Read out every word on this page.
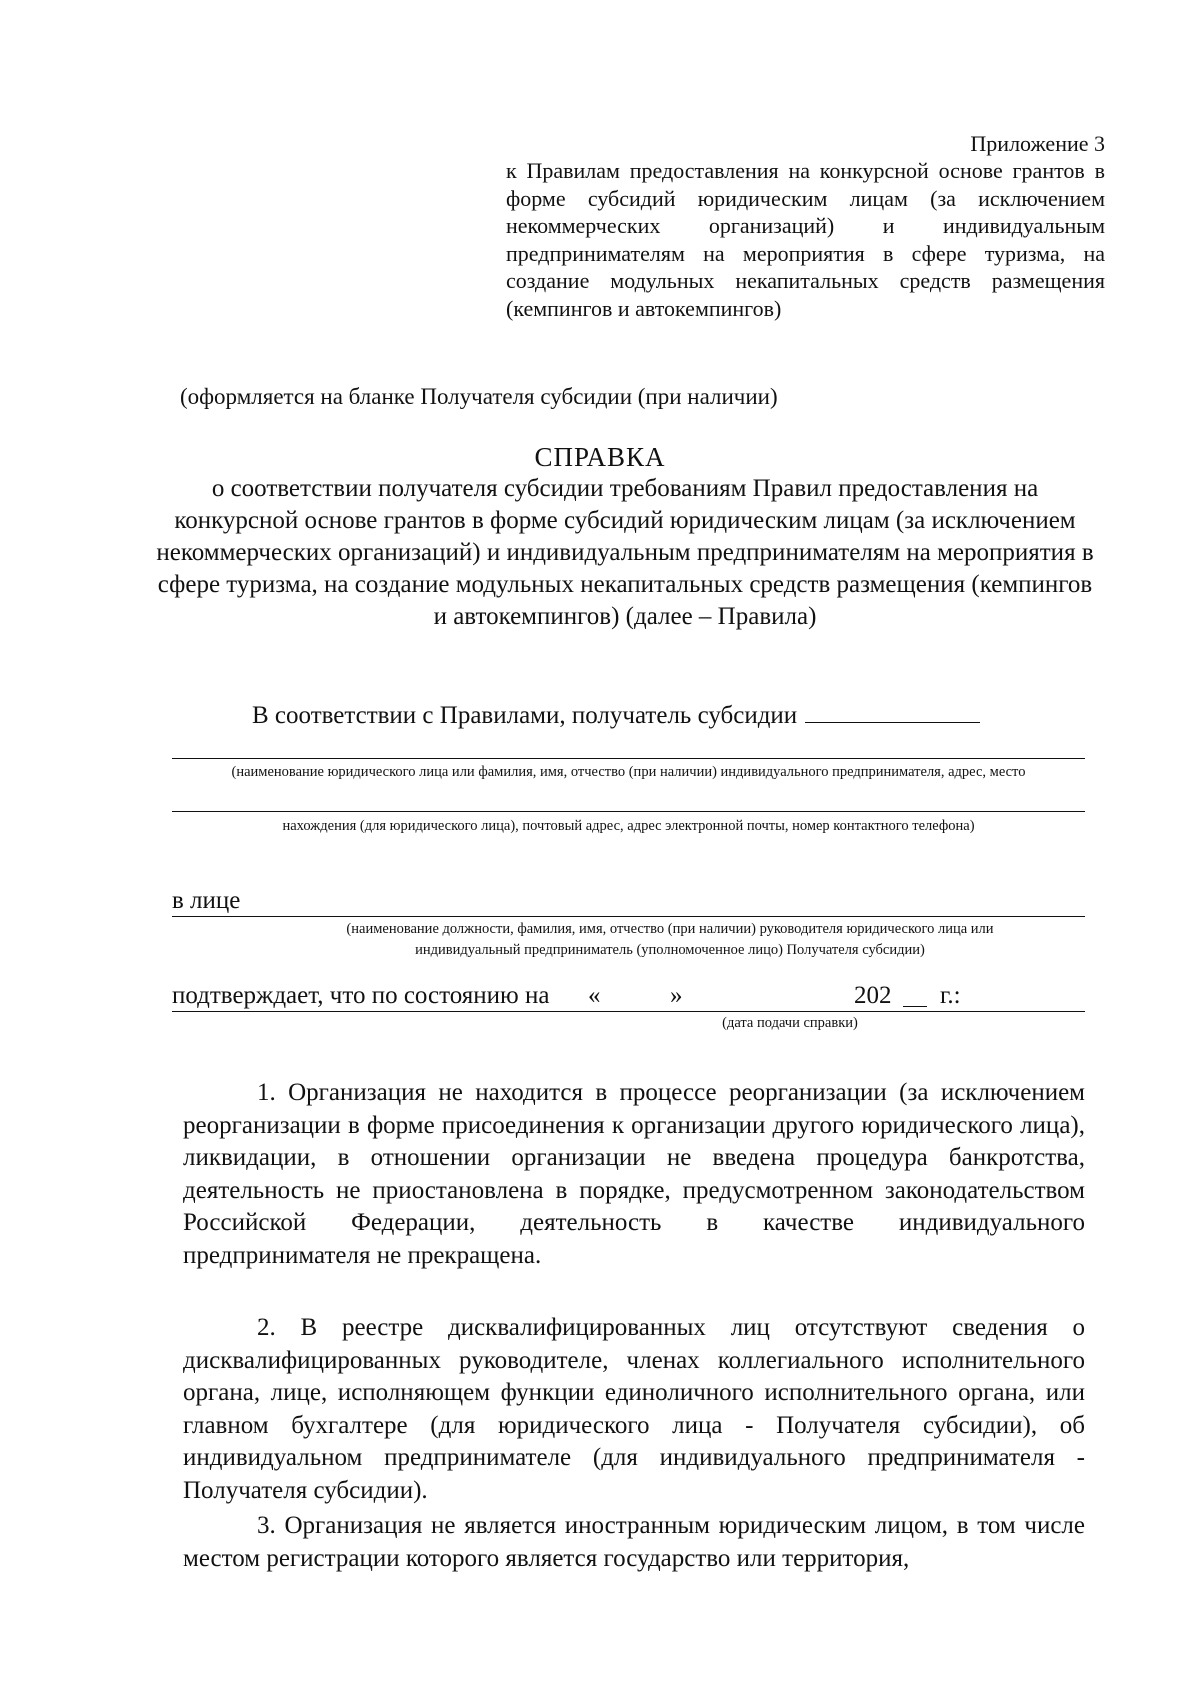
Приложение 3
к Правилам предоставления на конкурсной основе грантов в форме субсидий юридическим лицам (за исключением некоммерческих организаций) и индивидуальным предпринимателям на мероприятия в сфере туризма, на создание модульных некапитальных средств размещения (кемпингов и автокемпингов)
(оформляется на бланке Получателя субсидии (при наличии)
СПРАВКА
о соответствии получателя субсидии требованиям Правил предоставления на конкурсной основе грантов в форме субсидий юридическим лицам (за исключением некоммерческих организаций) и индивидуальным предпринимателям на мероприятия в сфере туризма, на создание модульных некапитальных средств размещения (кемпингов и автокемпингов) (далее – Правила)
В соответствии с Правилами, получатель субсидии
(наименование юридического лица или фамилия, имя, отчество (при наличии) индивидуального предпринимателя, адрес, место
нахождения (для юридического лица), почтовый адрес, адрес электронной почты, номер контактного телефона)
в лице
(наименование должности, фамилия, имя, отчество (при наличии) руководителя юридического лица или
индивидуальный предприниматель (уполномоченное лицо) Получателя субсидии)
подтверждает, что по состоянию на «	»	202 г.:
(дата подачи справки)
1. Организация не находится в процессе реорганизации (за исключением реорганизации в форме присоединения к организации другого юридического лица), ликвидации, в отношении организации не введена процедура банкротства, деятельность не приостановлена в порядке, предусмотренном законодательством Российской Федерации, деятельность в качестве индивидуального предпринимателя не прекращена.
2. В реестре дисквалифицированных лиц отсутствуют сведения о дисквалифицированных руководителе, членах коллегиального исполнительного органа, лице, исполняющем функции единоличного исполнительного органа, или главном бухгалтере (для юридического лица - Получателя субсидии), об индивидуальном предпринимателе (для индивидуального предпринимателя - Получателя субсидии).
3. Организация не является иностранным юридическим лицом, в том числе местом регистрации которого является государство или территория,
